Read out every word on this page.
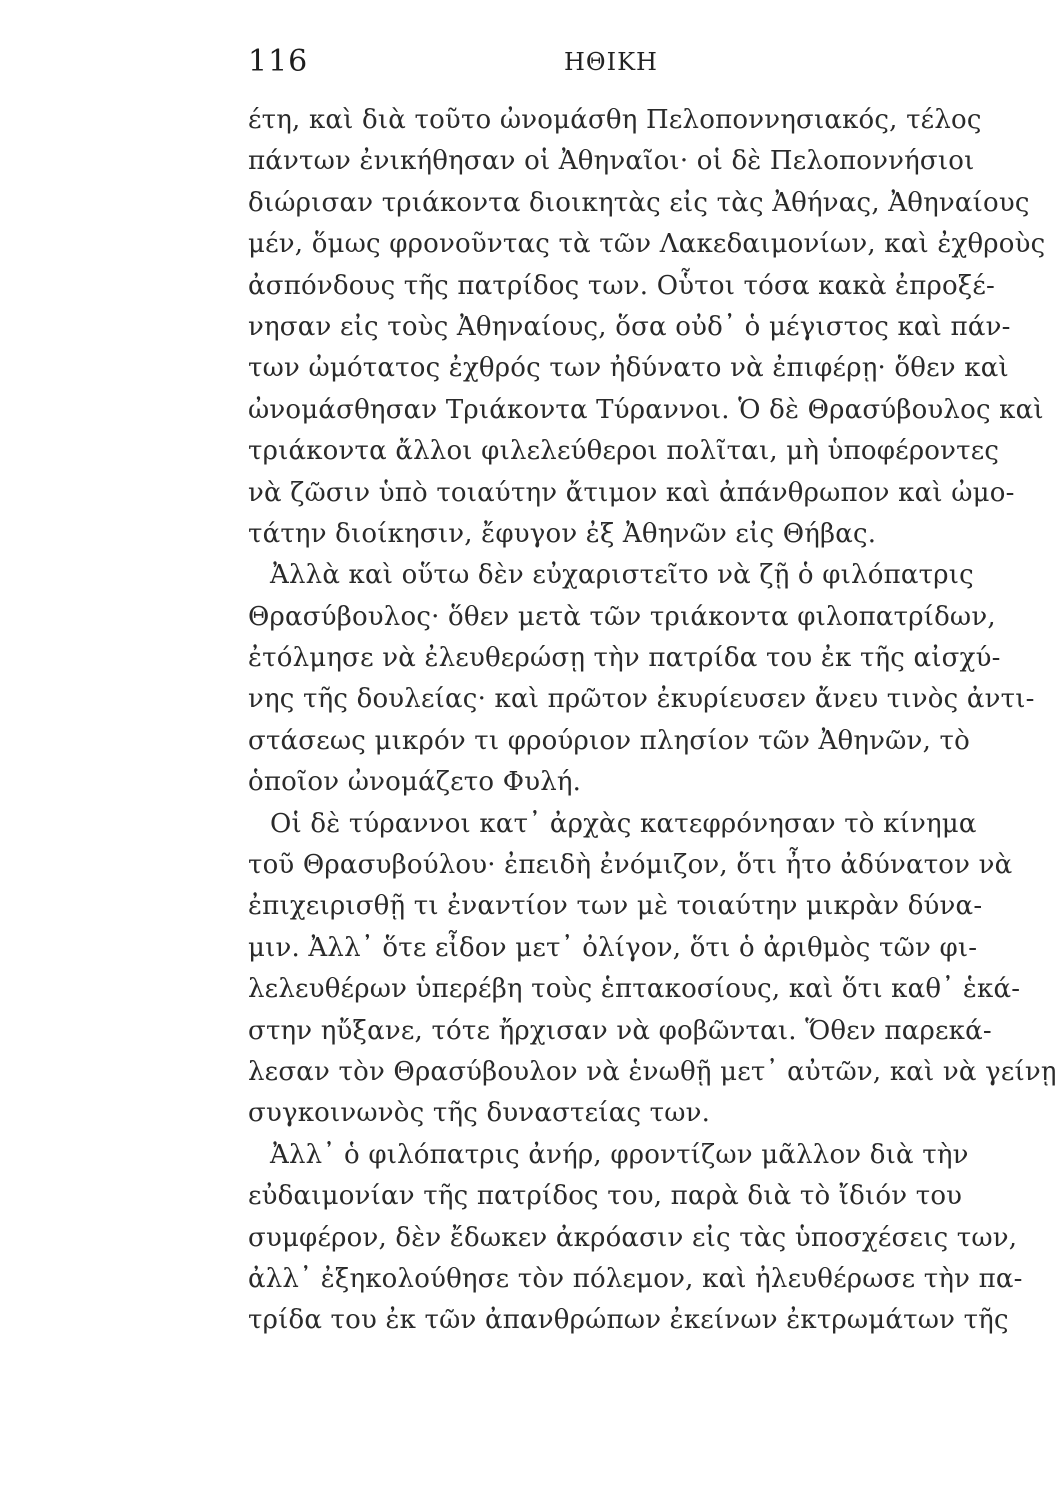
116	ΗΘΙΚΗ
έτη, καὶ διὰ τοῦτο ὠνομάσθη Πελοποννησιακός, τέλος
πάντων ἐνικήθησαν οἱ Ἀθηναῖοι· οἱ δὲ Πελοποννήσιοι
διώρισαν τριάκοντα διοικητὰς εἰς τὰς Ἀθήνας, Ἀθηναίους
μέν, ὅμως φρονοῦντας τὰ τῶν Λακεδαιμονίων, καὶ ἐχθροὺς
ἀσπόνδους τῆς πατρίδος των. Οὗτοι τόσα κακὰ ἐπροξέ-
νησαν εἰς τοὺς Ἀθηναίους, ὅσα οὐδ᾿ ὁ μέγιστος καὶ πάν-
των ὠμότατος ἐχθρός των ἠδύνατο νὰ ἐπιφέρῃ· ὅθεν καὶ
ὠνομάσθησαν Τριάκοντα Τύραννοι. Ὁ δὲ Θρασύβουλος καὶ
τριάκοντα ἄλλοι φιλελεύθεροι πολῖται, μὴ ὑποφέροντες
νὰ ζῶσιν ὑπὸ τοιαύτην ἄτιμον καὶ ἀπάνθρωπον καὶ ὠμο-
τάτην διοίκησιν, ἔφυγον ἐξ Ἀθηνῶν εἰς Θήβας.
Ἀλλὰ καὶ οὕτω δὲν εὐχαριστεῖτο νὰ ζῇ ὁ φιλόπατρις
Θρασύβουλος· ὅθεν μετὰ τῶν τριάκοντα φιλοπατρίδων,
ἐτόλμησε νὰ ἐλευθερώσῃ τὴν πατρίδα του ἐκ τῆς αἰσχύ-
νης τῆς δουλείας· καὶ πρῶτον ἐκυρίευσεν ἄνευ τινὸς ἀντι-
στάσεως μικρόν τι φρούριον πλησίον τῶν Ἀθηνῶν, τὸ
ὁποῖον ὠνομάζετο Φυλή.
Οἱ δὲ τύραννοι κατ᾿ ἀρχὰς κατεφρόνησαν τὸ κίνημα
τοῦ Θρασυβούλου· ἐπειδὴ ἐνόμιζον, ὅτι ἦτο ἀδύνατον νὰ
ἐπιχειρισθῇ τι ἐναντίον των μὲ τοιαύτην μικρὰν δύνα-
μιν. Ἀλλ᾿ ὅτε εἶδον μετ᾿ ὀλίγον, ὅτι ὁ ἀριθμὸς τῶν φι-
λελευθέρων ὑπερέβη τοὺς ἑπτακοσίους, καὶ ὅτι καθ᾿ ἑκά-
στην ηὔξανε, τότε ἤρχισαν νὰ φοβῶνται. Ὅθεν παρεκά-
λεσαν τὸν Θρασύβουλον νὰ ἑνωθῇ μετ᾿ αὐτῶν, καὶ νὰ γείνῃ
συγκοινωνὸς τῆς δυναστείας των.
Ἀλλ᾿ ὁ φιλόπατρις ἀνήρ, φροντίζων μᾶλλον διὰ τὴν
εὐδαιμονίαν τῆς πατρίδος του, παρὰ διὰ τὸ ἴδιόν του
συμφέρον, δὲν ἔδωκεν ἀκρόασιν εἰς τὰς ὑποσχέσεις των,
ἀλλ᾿ ἐξηκολούθησε τὸν πόλεμον, καὶ ἠλευθέρωσε τὴν πα-
τρίδα του ἐκ τῶν ἀπανθρώπων ἐκείνων ἐκτρωμάτων τῆς
